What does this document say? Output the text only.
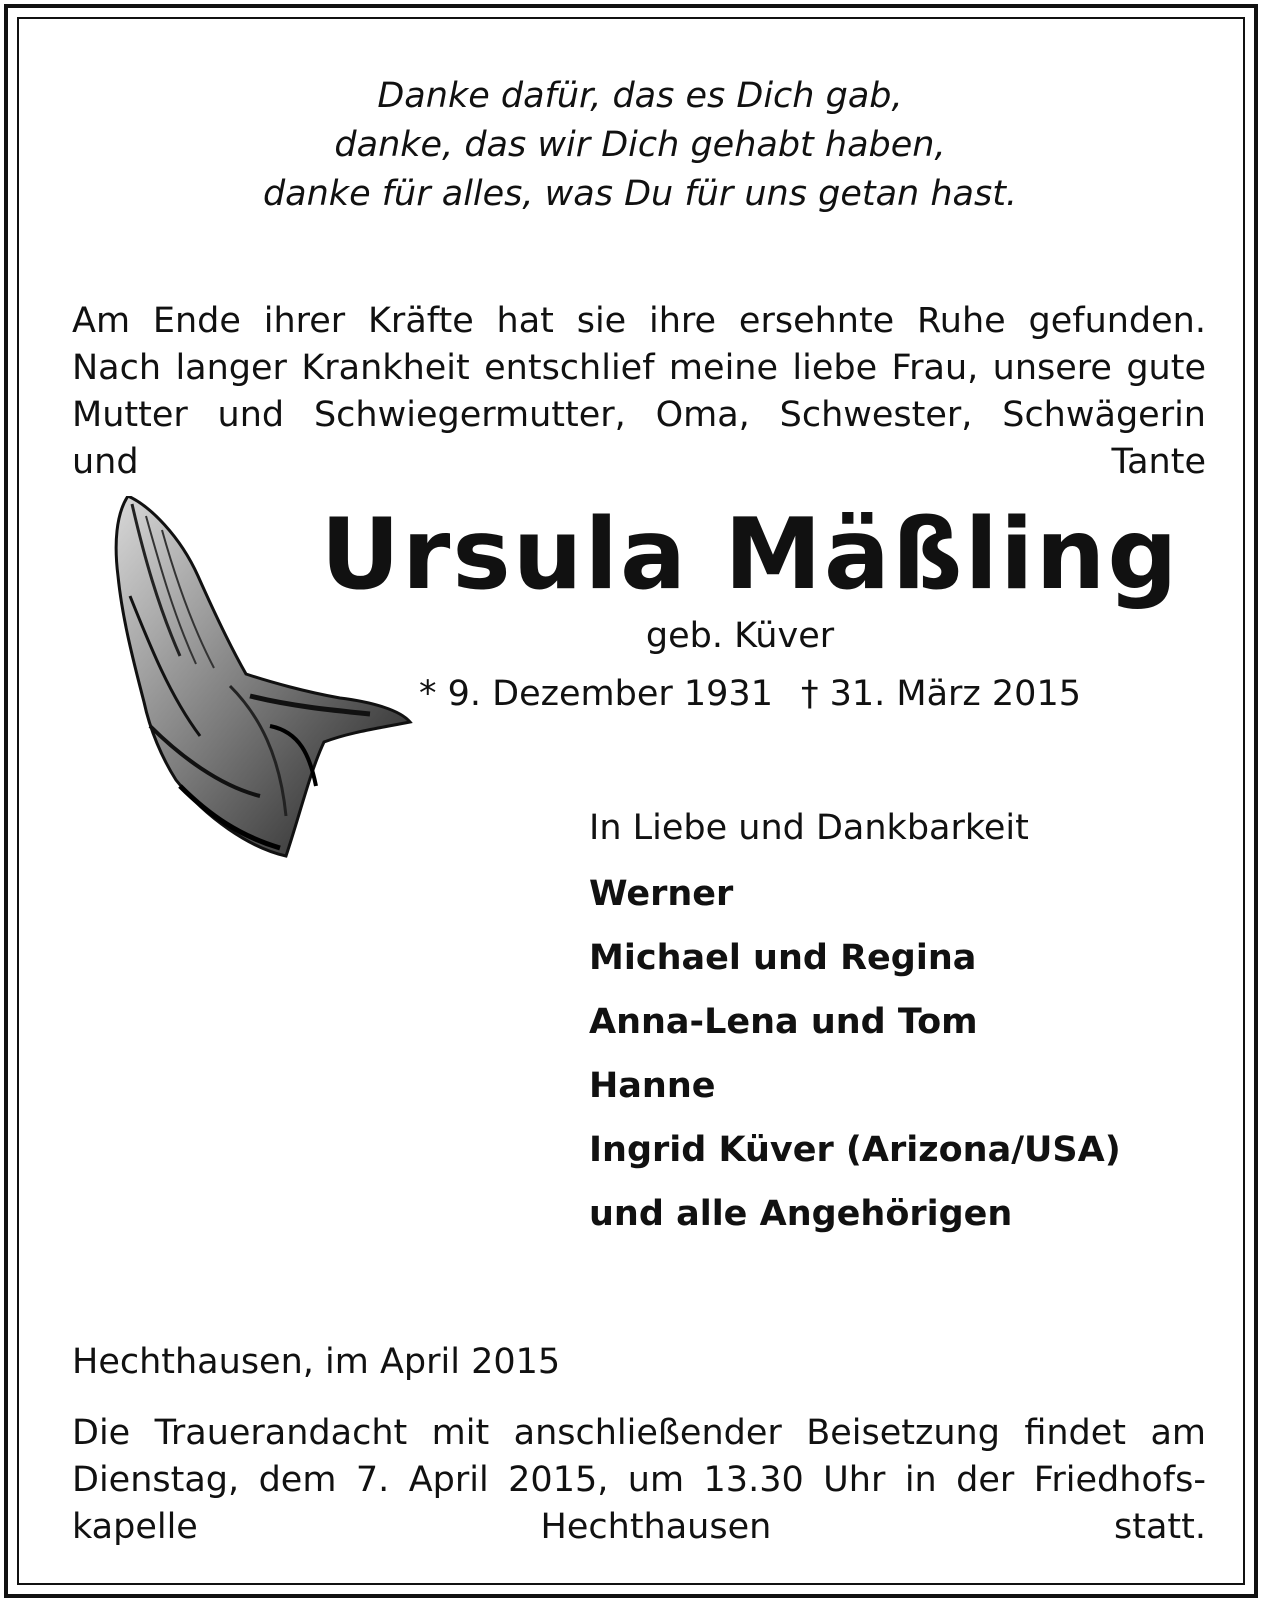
Danke dafür, das es Dich gab,
danke, das wir Dich gehabt haben,
danke für alles, was Du für uns getan hast.
Am Ende ihrer Kräfte hat sie ihre ersehnte Ruhe gefunden.
Nach langer Krankheit entschlief meine liebe Frau, unsere gute
Mutter und Schwiegermutter, Oma, Schwester, Schwägerin
und Tante
Ursula Mäßling
geb. Küver
* 9. Dezember 1931 † 31. März 2015
In Liebe und Dankbarkeit
Werner
Michael und Regina
Anna-Lena und Tom
Hanne
Ingrid Küver (Arizona/USA)
und alle Angehörigen
Hechthausen, im April 2015
Die Trauerandacht mit anschließender Beisetzung findet am
Dienstag, dem 7. April 2015, um 13.30 Uhr in der Friedhofs-
kapelle Hechthausen statt.
